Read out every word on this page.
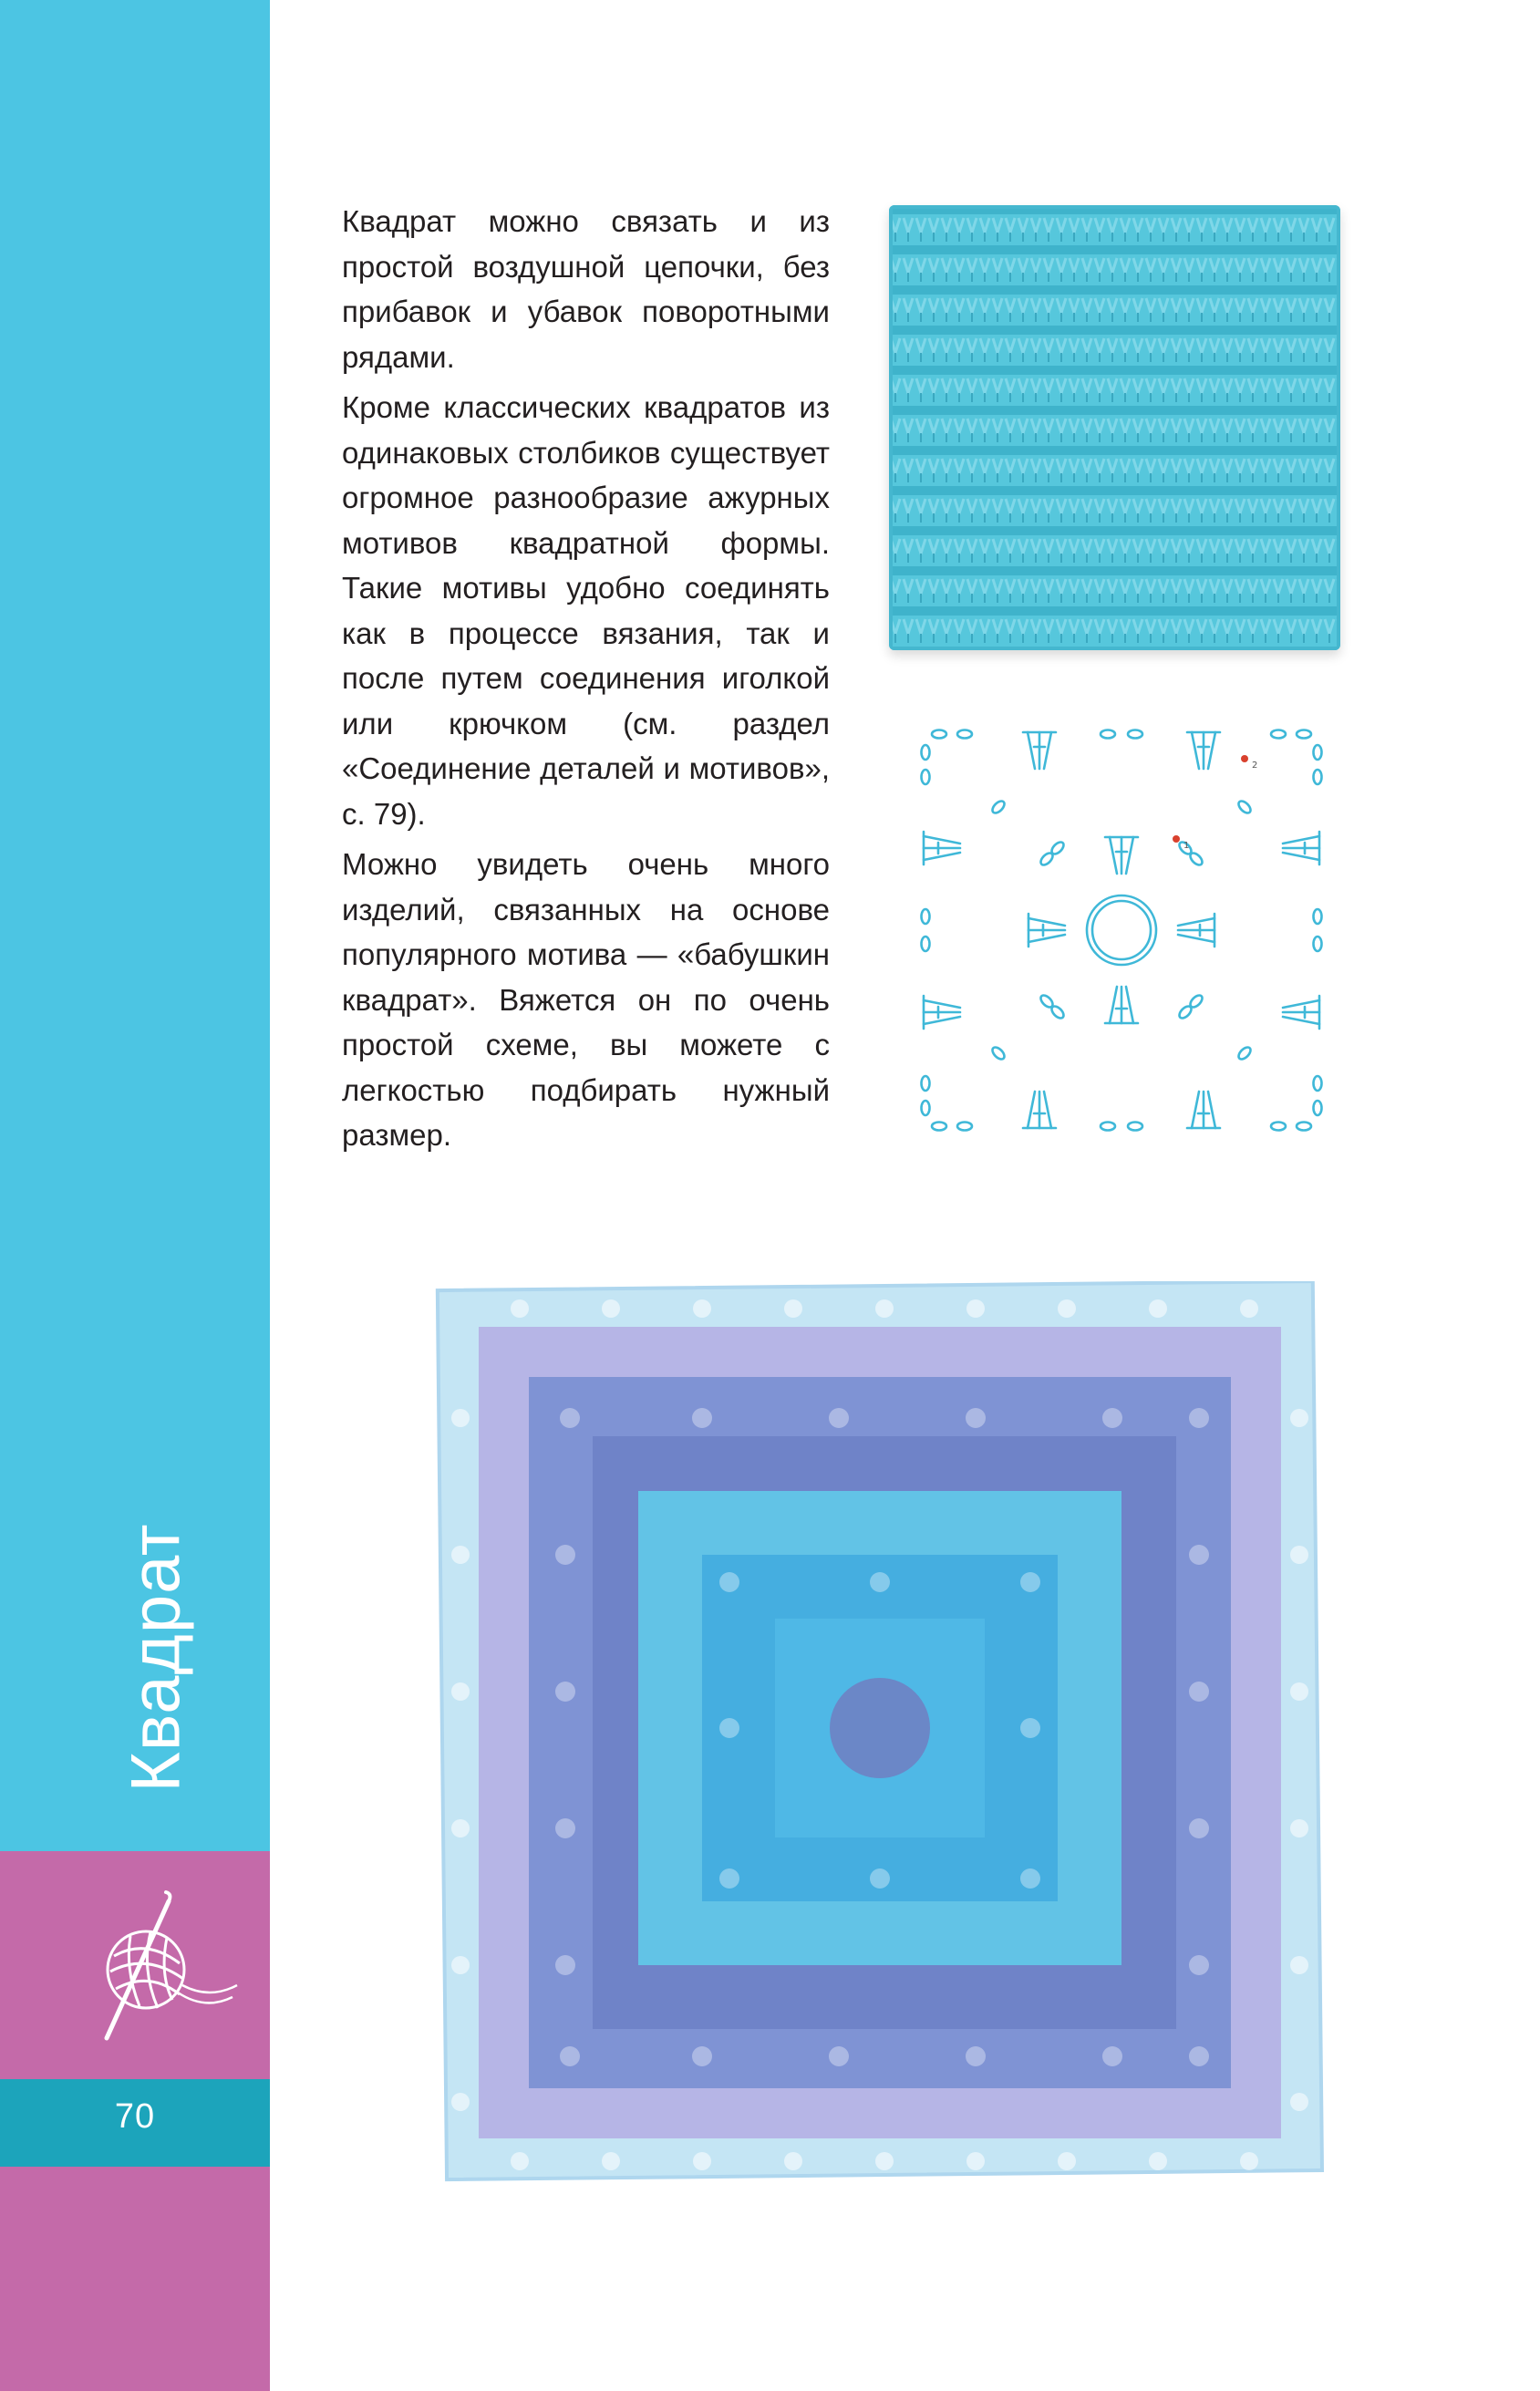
Квадрат
70

Квадрат можно связать и из простой воздушной цепочки, без прибавок и убавок поворотными рядами.

Кроме классических квадратов из одинаковых столбиков существует огромное разнообразие ажурных мотивов квадратной формы. Такие мотивы удобно соединять как в процессе вязания, так и после путем соединения иголкой или крючком (см. раздел «Соединение деталей и мотивов», с. 79).

Можно увидеть очень много изделий, связанных на основе популярного мотива — «бабушкин квадрат». Вяжется он по очень простой схеме, вы можете с легкостью подбирать нужный размер.

1
2
